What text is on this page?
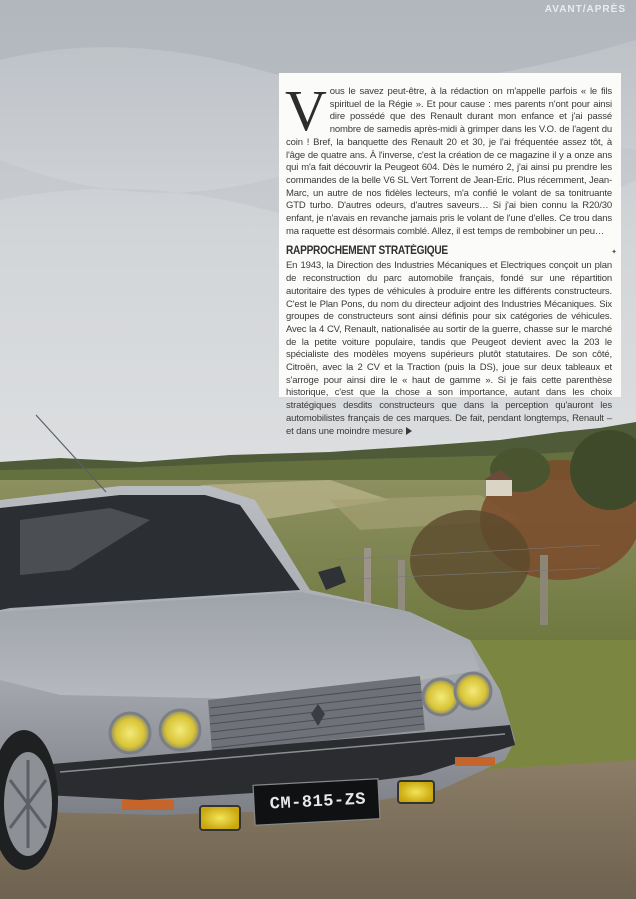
AVANT/APRÈS
CM-815-ZS

Vous le savez peut-être, à la rédaction on m'appelle parfois « le fils spirituel de la Régie ». Et pour cause : mes parents n'ont pour ainsi dire possédé que des Renault durant mon enfance et j'ai passé nombre de samedis après-midi à grimper dans les V.O. de l'agent du coin ! Bref, la banquette des Renault 20 et 30, je l'ai fréquentée assez tôt, à l'âge de quatre ans. À l'inverse, c'est la création de ce magazine il y a onze ans qui m'a fait découvrir la Peugeot 604. Dès le numéro 2, j'ai ainsi pu prendre les commandes de la belle V6 SL Vert Torrent de Jean-Eric. Plus récemment, Jean-Marc, un autre de nos fidèles lecteurs, m'a confié le volant de sa tonitruante GTD turbo. D'autres odeurs, d'autres saveurs… Si j'ai bien connu la R20/30 enfant, je n'avais en revanche jamais pris le volant de l'une d'elles. Ce trou dans ma raquette est désormais comblé. Allez, il est temps de rembobiner un peu…

RAPPROCHEMENT STRATÉGIQUE

En 1943, la Direction des Industries Mécaniques et Electriques conçoit un plan de reconstruction du parc automobile français, fondé sur une répartition autoritaire des types de véhicules à produire entre les différents constructeurs. C'est le Plan Pons, du nom du directeur adjoint des Industries Mécaniques. Six groupes de constructeurs sont ainsi définis pour six catégories de véhicules. Avec la 4 CV, Renault, nationalisée au sortir de la guerre, chasse sur le marché de la petite voiture populaire, tandis que Peugeot devient avec la 203 le spécialiste des modèles moyens supérieurs plutôt statutaires. De son côté, Citroën, avec la 2 CV et la Traction (puis la DS), joue sur deux tableaux et s'arroge pour ainsi dire le « haut de gamme ». Si je fais cette parenthèse historique, c'est que la chose a son importance, autant dans les choix stratégiques desdits constructeurs que dans la perception qu'auront les automobilistes français de ces marques. De fait, pendant longtemps, Renault – et dans une moindre mesure

✦
